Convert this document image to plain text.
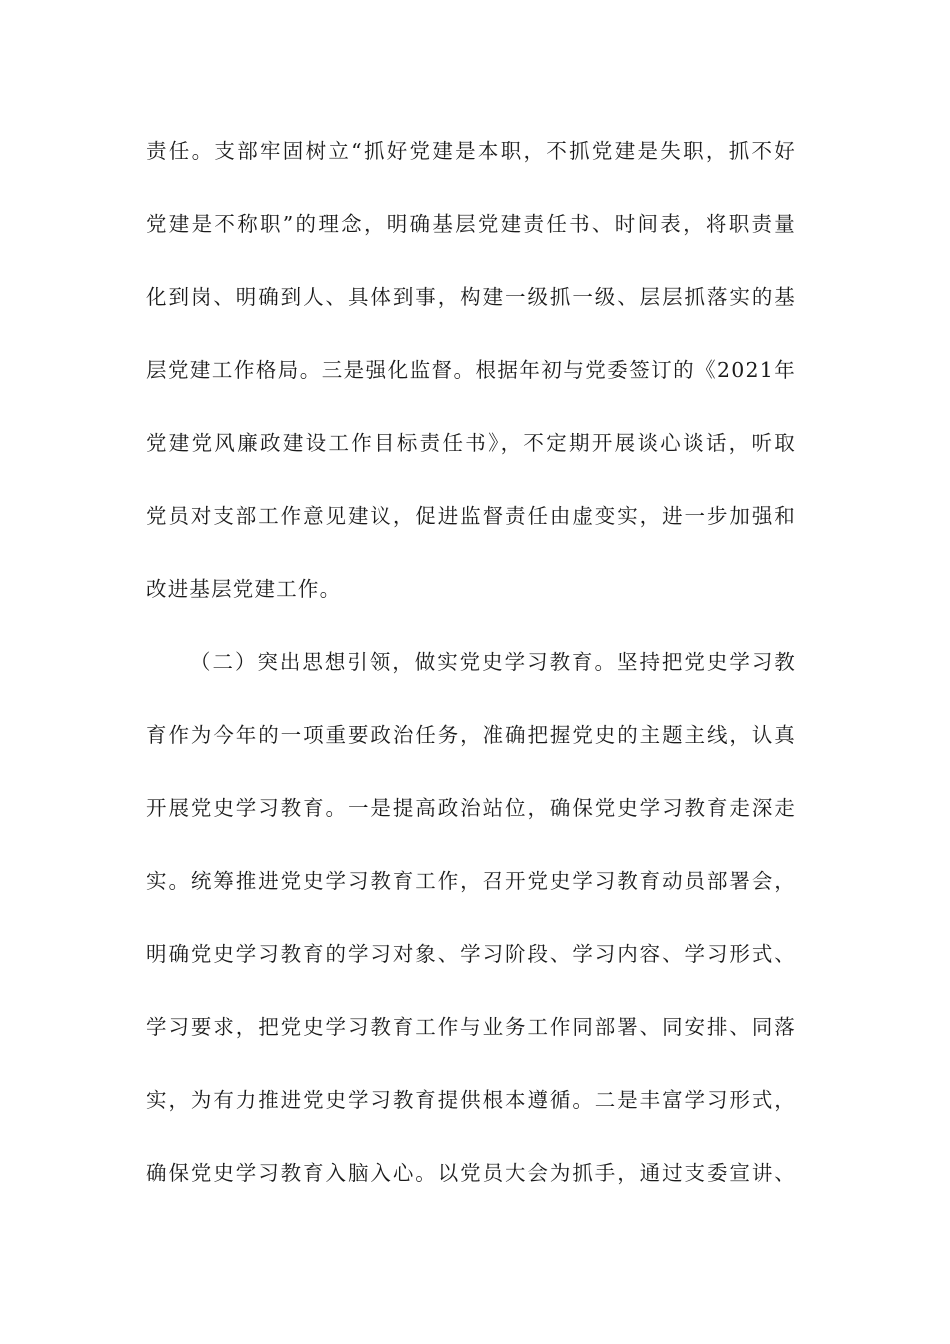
责任。支部牢固树立“抓好党建是本职，不抓党建是失职，抓不好
党建是不称职”的理念，明确基层党建责任书、时间表，将职责量
化到岗、明确到人、具体到事，构建一级抓一级、层层抓落实的基
层党建工作格局。三是强化监督。根据年初与党委签订的《2021年
党建党风廉政建设工作目标责任书》，不定期开展谈心谈话，听取
党员对支部工作意见建议，促进监督责任由虚变实，进一步加强和
改进基层党建工作。
（二）突出思想引领，做实党史学习教育。坚持把党史学习教
育作为今年的一项重要政治任务，准确把握党史的主题主线，认真
开展党史学习教育。一是提高政治站位，确保党史学习教育走深走
实。统筹推进党史学习教育工作，召开党史学习教育动员部署会，
明确党史学习教育的学习对象、学习阶段、学习内容、学习形式、
学习要求，把党史学习教育工作与业务工作同部署、同安排、同落
实，为有力推进党史学习教育提供根本遵循。二是丰富学习形式，
确保党史学习教育入脑入心。以党员大会为抓手，通过支委宣讲、
